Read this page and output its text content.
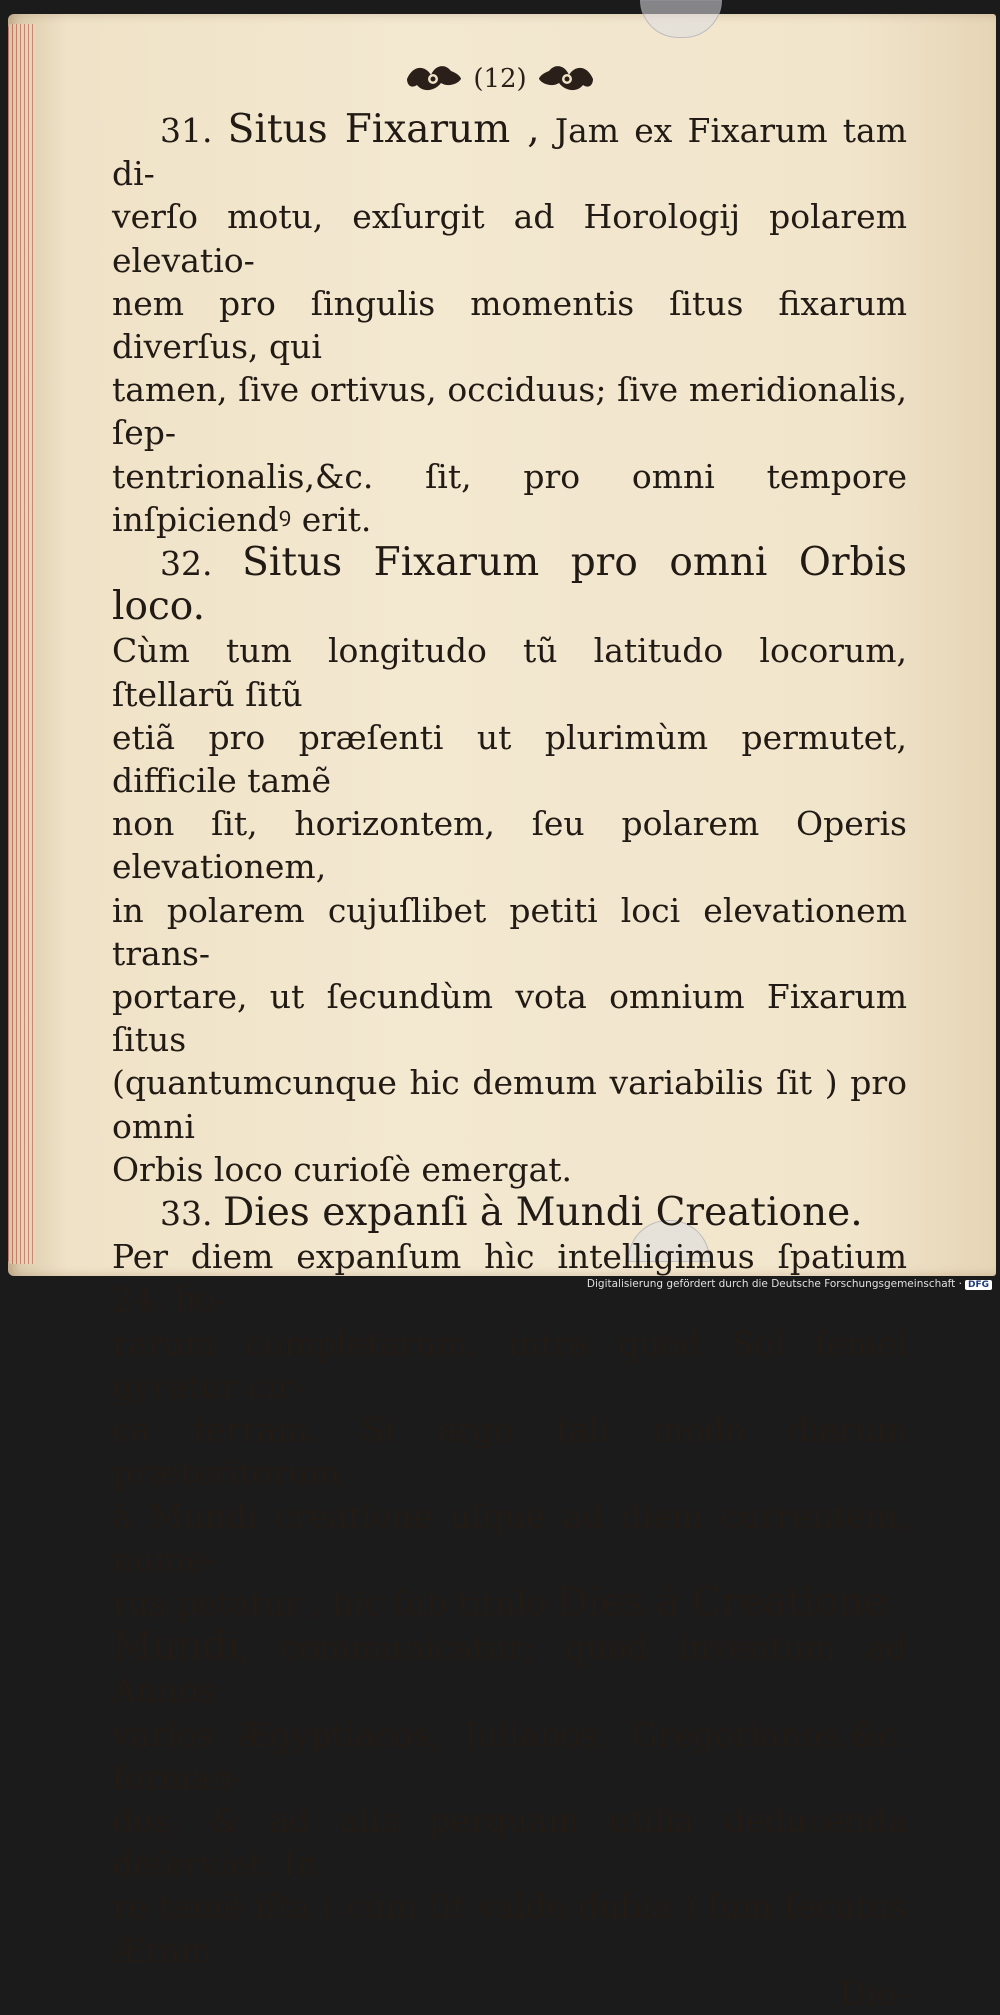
(12)

31. Situs Fixarum , Jam ex Fixarum tam di-

verſo motu, exſurgit ad Horologij polarem elevatio-

nem pro ſingulis momentis ſitus fixarum diverſus, qui

tamen, ſive ortivus, occiduus; ſive meridionalis, ſep-

tentrionalis,&c. ſit, pro omni tempore inſpiciendꝰ erit.

32. Situs Fixarum pro omni Orbis loco.

Cùm tum longitudo tũ latitudo locorum, ſtellarũ ſitũ

etiã pro præſenti ut plurimùm permutet, difficile tamẽ

non ſit, horizontem, ſeu polarem Operis elevationem,

in polarem cujuſlibet petiti loci elevationem trans-

portare, ut ſecundùm vota omnium Fixarum ſitus

(quantumcunque hic demum variabilis ſit ) pro omni

Orbis loco curioſè emergat.

33. Dies expanſi à Mundi Creatione.

Per diem expanſum hìc intelligimus ſpatium 24. ho-

rarum completarum, intra quod Sol ſemel gyratur cir-

ca terram. Si ergo tali modo dierum præteritorum

à Mundi creatione uſque ad diem currentem, nume-

rus petatur , hic ſub titulo Dies á Creatione

Mundi, communicatur; quod inventum ad Annos

varios Ægyptiacos, Julianos, Gregorianos.&c. forman-

dos, & ad alia perquam utilia deducenda deſerviet. In

re tamẽ iſta ( cùm ſit valde dubia ) ſum ſecutus Æram

Dio-

Digitalisierung gefördert durch die Deutsche Forschungsgemeinschaft · DFG
